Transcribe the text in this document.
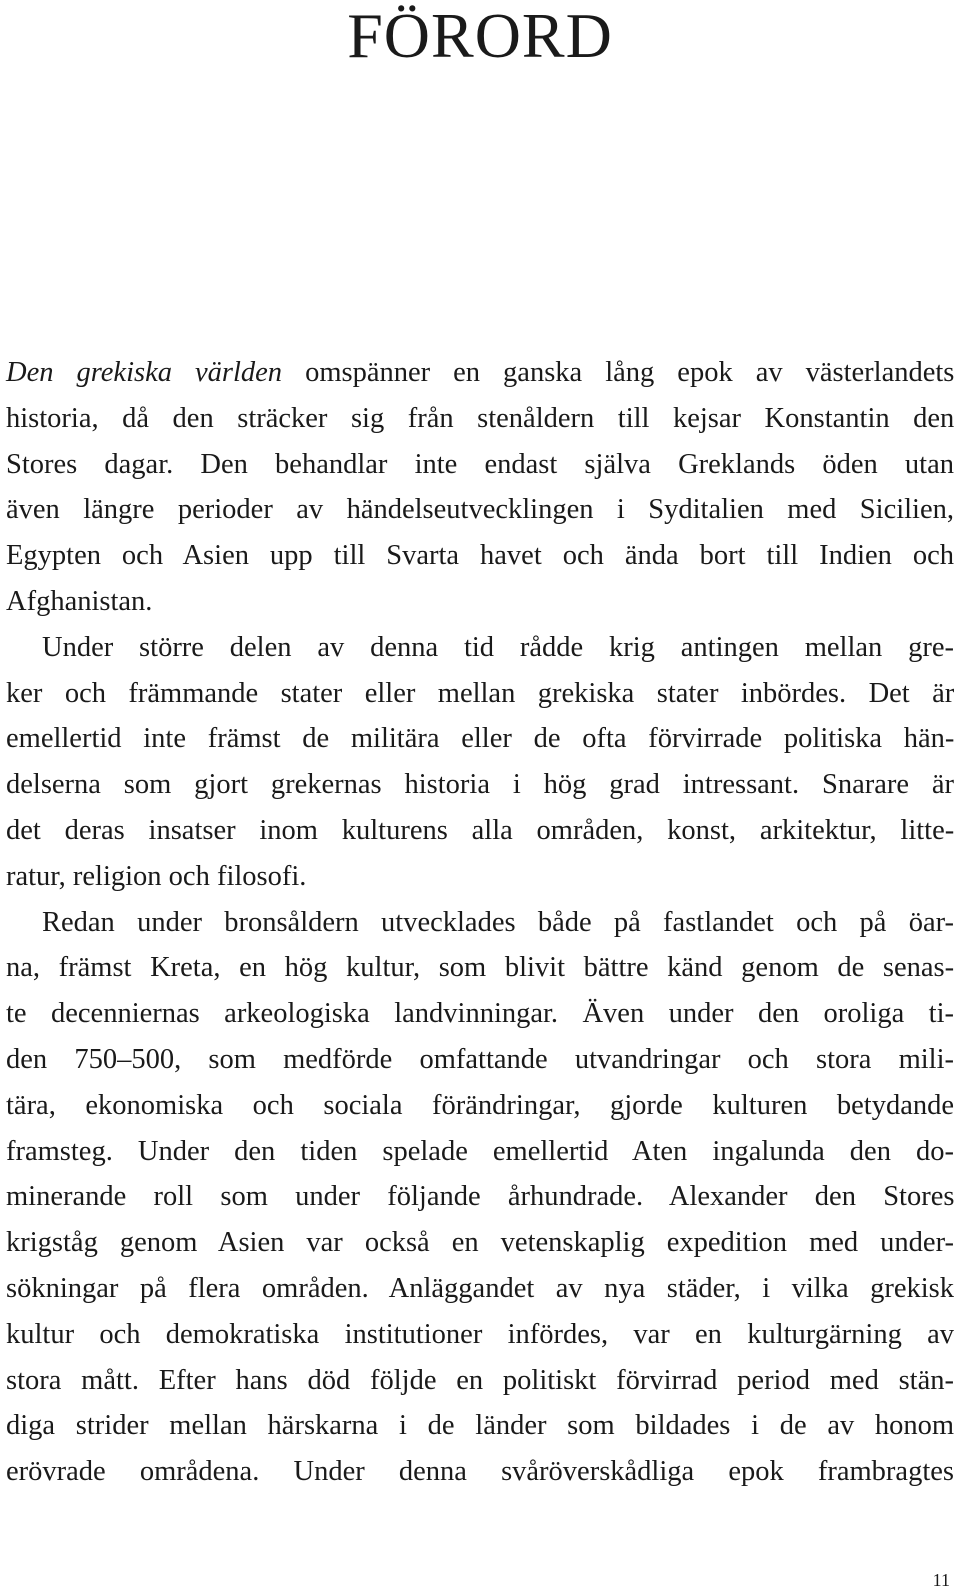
FÖRORD
Den grekiska världen omspänner en ganska lång epok av västerlandets
historia, då den sträcker sig från stenåldern till kejsar Konstantin den
Stores dagar. Den behandlar inte endast själva Greklands öden utan
även längre perioder av händelseutvecklingen i Syditalien med Sicilien,
Egypten och Asien upp till Svarta havet och ända bort till Indien och
Afghanistan.
Under större delen av denna tid rådde krig antingen mellan gre-
ker och främmande stater eller mellan grekiska stater inbördes. Det är
emellertid inte främst de militära eller de ofta förvirrade politiska hän-
delserna som gjort grekernas historia i hög grad intressant. Snarare är
det deras insatser inom kulturens alla områden, konst, arkitektur, litte-
ratur, religion och filosofi.
Redan under bronsåldern utvecklades både på fastlandet och på öar-
na, främst Kreta, en hög kultur, som blivit bättre känd genom de senas-
te decenniernas arkeologiska landvinningar. Även under den oroliga ti-
den 750–500, som medförde omfattande utvandringar och stora mili-
tära, ekonomiska och sociala förändringar, gjorde kulturen betydande
framsteg. Under den tiden spelade emellertid Aten ingalunda den do-
minerande roll som under följande århundrade. Alexander den Stores
krigståg genom Asien var också en vetenskaplig expedition med under-
sökningar på flera områden. Anläggandet av nya städer, i vilka grekisk
kultur och demokratiska institutioner infördes, var en kulturgärning av
stora mått. Efter hans död följde en politiskt förvirrad period med stän-
diga strider mellan härskarna i de länder som bildades i de av honom
erövrade områdena. Under denna svåröverskådliga epok frambragtes
11
